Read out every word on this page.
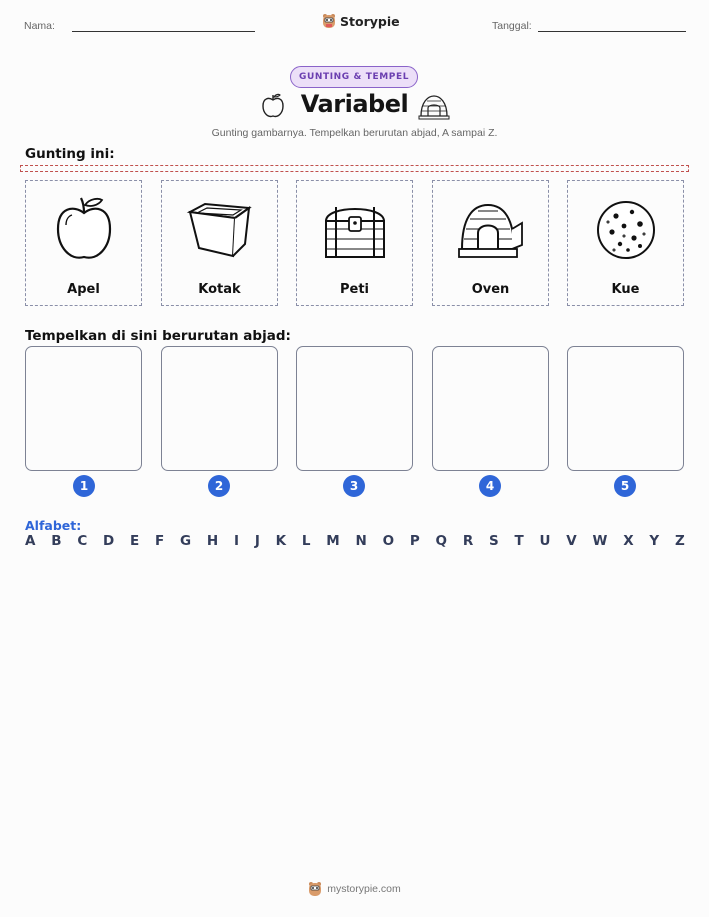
Nama:	Storypie	Tanggal:
GUNTING & TEMPEL
Variabel
Gunting gambarnya. Tempelkan berurutan abjad, A sampai Z.
Gunting ini:
Apel	Kotak	Peti	Oven	Kue
Tempelkan di sini berurutan abjad:
1	2	3	4	5
Alfabet:
A B C D E F G H I J K L M N O P Q R S T U V W X Y Z
mystorypie.com
